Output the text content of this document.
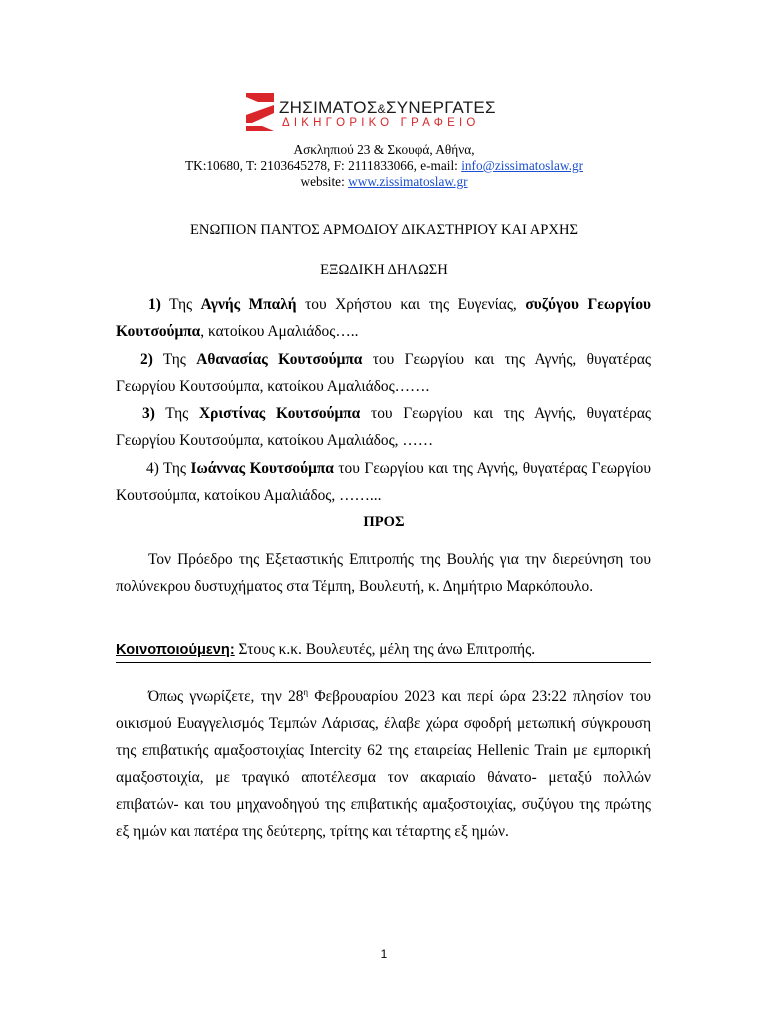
ΖΗΣΙΜΑΤΟΣ&ΣΥΝΕΡΓΑΤΕΣ
ΔΙΚΗΓΟΡΙΚΟ ΓΡΑΦΕΙΟ
Ασκληπιού 23 & Σκουφά, Αθήνα,
ΤΚ:10680, Τ: 2103645278, F: 2111833066, e-mail: info@zissimatoslaw.gr
website: www.zissimatoslaw.gr
ΕΝΩΠΙΟΝ ΠΑΝΤΟΣ ΑΡΜΟΔΙΟΥ ΔΙΚΑΣΤΗΡΙΟΥ ΚΑΙ ΑΡΧΗΣ
ΕΞΩΔΙΚΗ ΔΗΛΩΣΗ
1) Της Αγνής Μπαλή του Χρήστου και της Ευγενίας, συζύγου Γεωργίου Κουτσούμπα, κατοίκου Αμαλιάδος…..
2) Της Αθανασίας Κουτσούμπα του Γεωργίου και της Αγνής, θυγατέρας Γεωργίου Κουτσούμπα, κατοίκου Αμαλιάδος…….
3) Της Χριστίνας Κουτσούμπα του Γεωργίου και της Αγνής, θυγατέρας Γεωργίου Κουτσούμπα, κατοίκου Αμαλιάδος, ……
4) Της Ιωάννας Κουτσούμπα του Γεωργίου και της Αγνής, θυγατέρας Γεωργίου Κουτσούμπα, κατοίκου Αμαλιάδος, ……...
ΠΡΟΣ
Τον Πρόεδρο της Εξεταστικής Επιτροπής της Βουλής για την διερεύνηση του πολύνεκρου δυστυχήματος στα Τέμπη, Βουλευτή, κ. Δημήτριο Μαρκόπουλο.
Κοινοποιούμενη: Στους κ.κ. Βουλευτές, μέλη της άνω Επιτροπής.
Όπως γνωρίζετε, την $28^\eta$ Φεβρουαρίου 2023 και περί ώρα 23:22 πλησίον του οικισμού Ευαγγελισμός Τεμπών Λάρισας, έλαβε χώρα σφοδρή μετωπική σύγκρουση της επιβατικής αμαξοστοιχίας Intercity 62 της εταιρείας Hellenic Train με εμπορική αμαξοστοιχία, με τραγικό αποτέλεσμα τον ακαριαίο θάνατο- μεταξύ πολλών επιβατών- και του μηχανοδηγού της επιβατικής αμαξοστοιχίας, συζύγου της πρώτης εξ ημών και πατέρα της δεύτερης, τρίτης και τέταρτης εξ ημών.
1
